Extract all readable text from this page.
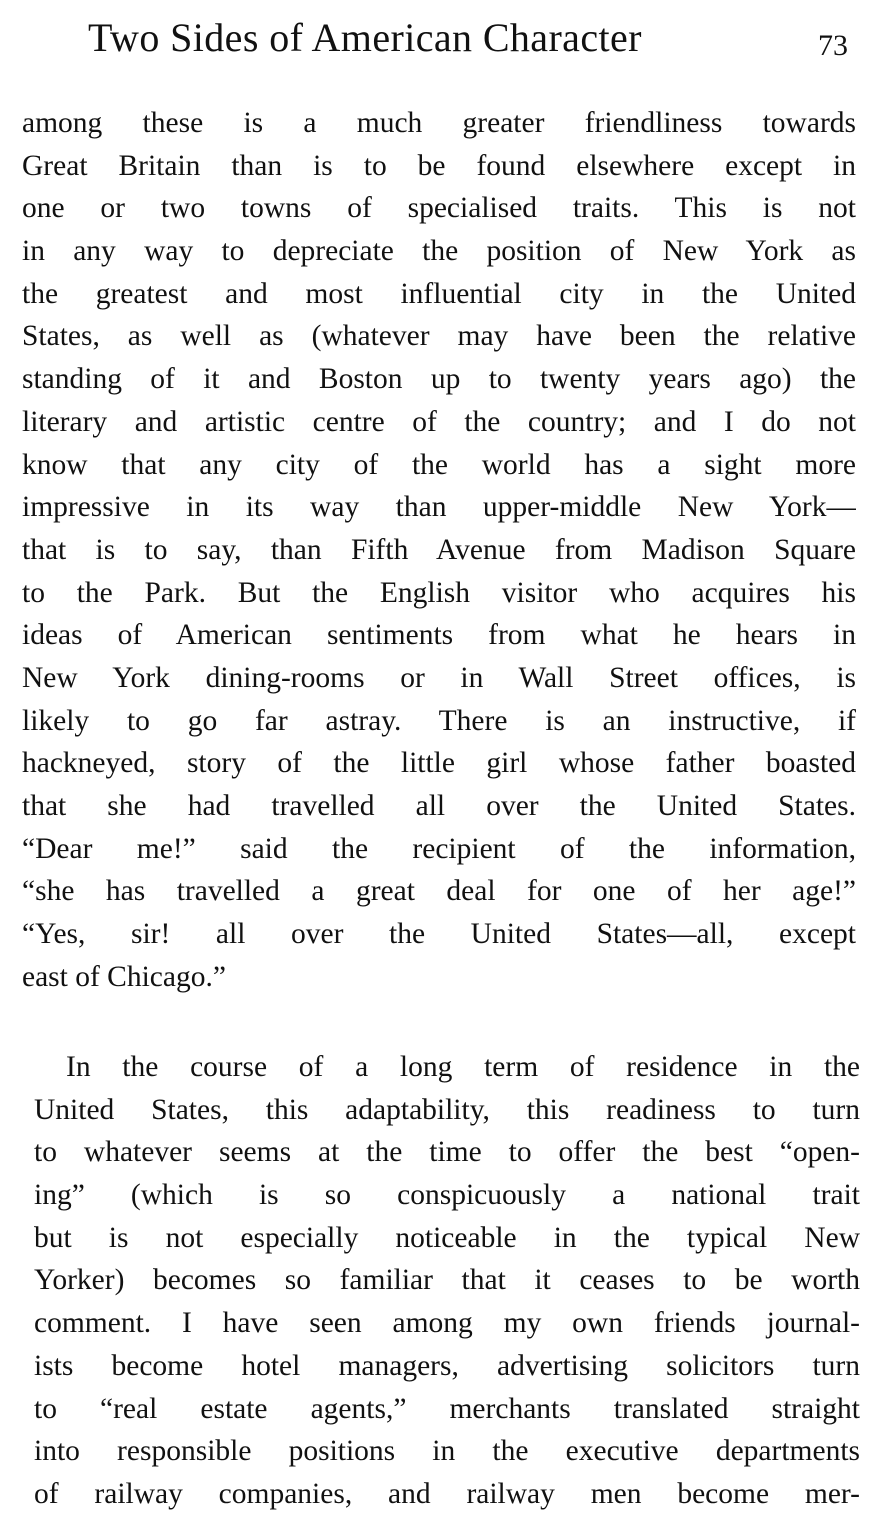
Two Sides of American Character	73
among these is a much greater friendliness towards
Great Britain than is to be found elsewhere except in
one or two towns of specialised traits. This is not
in any way to depreciate the position of New York as
the greatest and most influential city in the United
States, as well as (whatever may have been the relative
standing of it and Boston up to twenty years ago) the
literary and artistic centre of the country; and I do not
know that any city of the world has a sight more
impressive in its way than upper-middle New York—
that is to say, than Fifth Avenue from Madison Square
to the Park. But the English visitor who acquires his
ideas of American sentiments from what he hears in
New York dining-rooms or in Wall Street offices, is
likely to go far astray. There is an instructive, if
hackneyed, story of the little girl whose father boasted
that she had travelled all over the United States.
“Dear me!” said the recipient of the information,
“she has travelled a great deal for one of her age!”
“Yes, sir! all over the United States—all, except
east of Chicago.”
In the course of a long term of residence in the
United States, this adaptability, this readiness to turn
to whatever seems at the time to offer the best “open-
ing” (which is so conspicuously a national trait
but is not especially noticeable in the typical New
Yorker) becomes so familiar that it ceases to be worth
comment. I have seen among my own friends journal-
ists become hotel managers, advertising solicitors turn
to “real estate agents,” merchants translated straight
into responsible positions in the executive departments
of railway companies, and railway men become mer-
